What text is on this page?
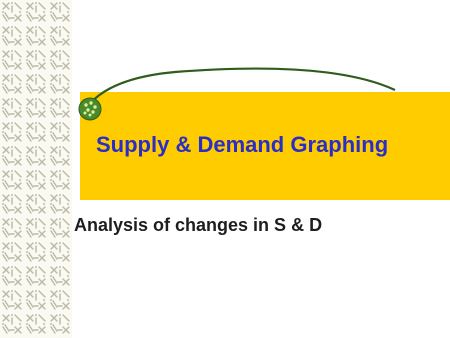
Supply & Demand Graphing
Analysis of changes in S & D
